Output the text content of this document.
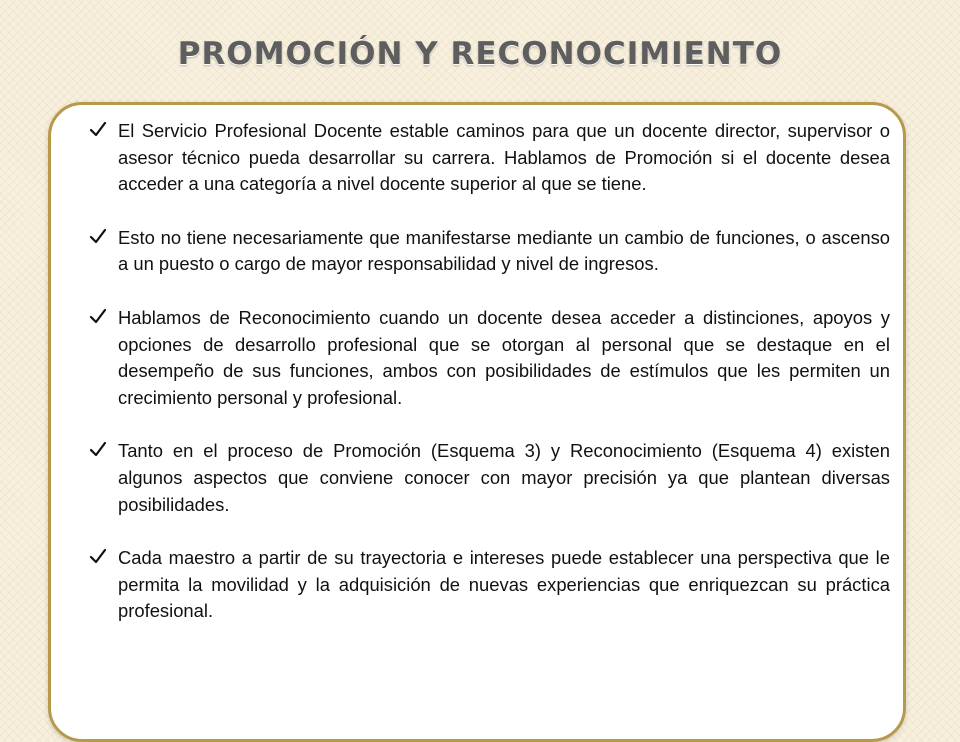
PROMOCIÓN Y RECONOCIMIENTO
El Servicio Profesional Docente estable caminos para que un docente director, supervisor o asesor técnico pueda desarrollar su carrera. Hablamos de Promoción si el docente desea acceder a una categoría a nivel docente superior al que se tiene.
Esto no tiene necesariamente que manifestarse mediante un cambio de funciones, o ascenso a un puesto o cargo de mayor responsabilidad y nivel de ingresos.
Hablamos de Reconocimiento cuando un docente desea acceder a distinciones, apoyos y opciones de desarrollo profesional que se otorgan al personal que se destaque en el desempeño de sus funciones, ambos con posibilidades de estímulos que les permiten un crecimiento personal y profesional.
Tanto en el proceso de Promoción (Esquema 3) y Reconocimiento (Esquema 4) existen algunos aspectos que conviene conocer con mayor precisión ya que plantean diversas posibilidades.
Cada maestro a partir de su trayectoria e intereses puede establecer una perspectiva que le permita la movilidad y la adquisición de nuevas experiencias que enriquezcan su práctica profesional.
